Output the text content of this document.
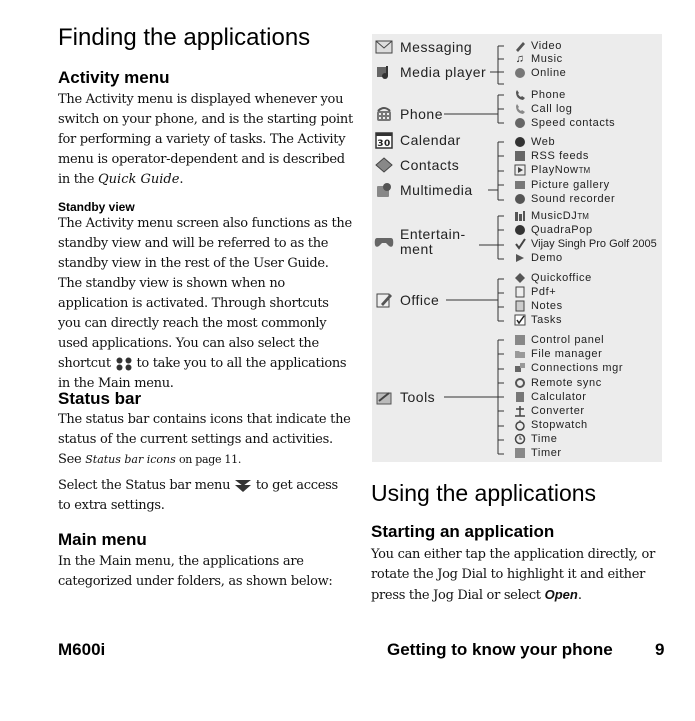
Finding the applications
Activity menu

The Activity menu is displayed whenever you switch on your phone, and is the starting point for performing a variety of tasks. The Activity menu is operator-dependent and is described in the Quick Guide.

Standby view

The Activity menu screen also functions as the standby view and will be referred to as the standby view in the rest of the User Guide. The standby view is shown when no application is activated. Through shortcuts you can directly reach the most commonly used applications. You can also select the shortcut  to take you to all the applications in the Main menu.

Status bar

The status bar contains icons that indicate the status of the current settings and activities. See Status bar icons on page 11.

Select the Status bar menu  to get access to extra settings.

Main menu

In the Main menu, the applications are categorized under folders, as shown below:

Messaging
Media player
Phone
30 Calendar
Contacts
Multimedia
Entertain-
ment
Office
Tools
Video
♫ Music
Online
Phone
Call log
Speed contacts
Web
RSS feeds
PlayNow TM
Picture gallery
Sound recorder
MusicDJ TM
QuadraPop
Vijay Singh Pro Golf 2005
Demo
Quickoffice
Pdf+
Notes
Tasks
Control panel
File manager
Connections mgr
Remote sync
Calculator
Converter
Stopwatch
Time
Timer
Using the applications
Starting an application

You can either tap the application directly, or rotate the Jog Dial to highlight it and either press the Jog Dial or select Open.

M600i	Getting to know your phone 9
